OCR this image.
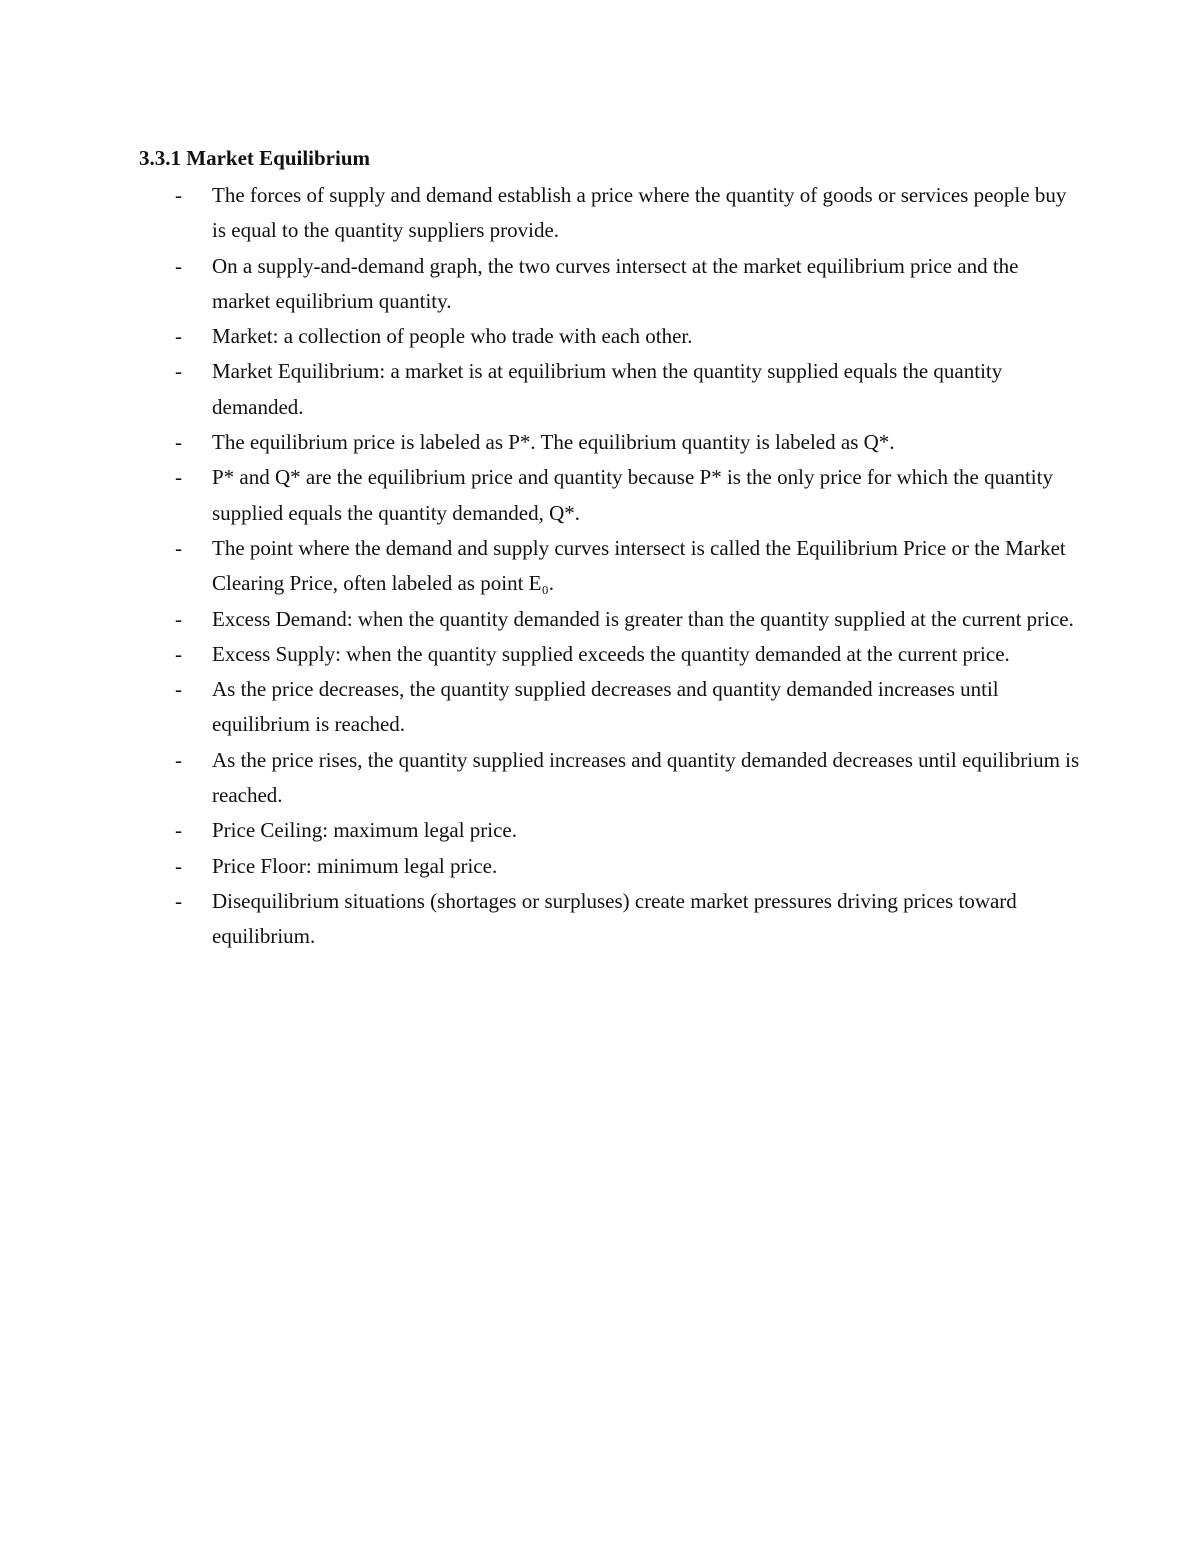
3.3.1 Market Equilibrium
- The forces of supply and demand establish a price where the quantity of goods or services people buy is equal to the quantity suppliers provide.
- On a supply-and-demand graph, the two curves intersect at the market equilibrium price and the market equilibrium quantity.
- Market: a collection of people who trade with each other.
- Market Equilibrium: a market is at equilibrium when the quantity supplied equals the quantity demanded.
- The equilibrium price is labeled as P*. The equilibrium quantity is labeled as Q*.
- P* and Q* are the equilibrium price and quantity because P* is the only price for which the quantity supplied equals the quantity demanded, Q*.
- The point where the demand and supply curves intersect is called the Equilibrium Price or the Market Clearing Price, often labeled as point E₀.
- Excess Demand: when the quantity demanded is greater than the quantity supplied at the current price.
- Excess Supply: when the quantity supplied exceeds the quantity demanded at the current price.
- As the price decreases, the quantity supplied decreases and quantity demanded increases until equilibrium is reached.
- As the price rises, the quantity supplied increases and quantity demanded decreases until equilibrium is reached.
- Price Ceiling: maximum legal price.
- Price Floor: minimum legal price.
- Disequilibrium situations (shortages or surpluses) create market pressures driving prices toward equilibrium.
